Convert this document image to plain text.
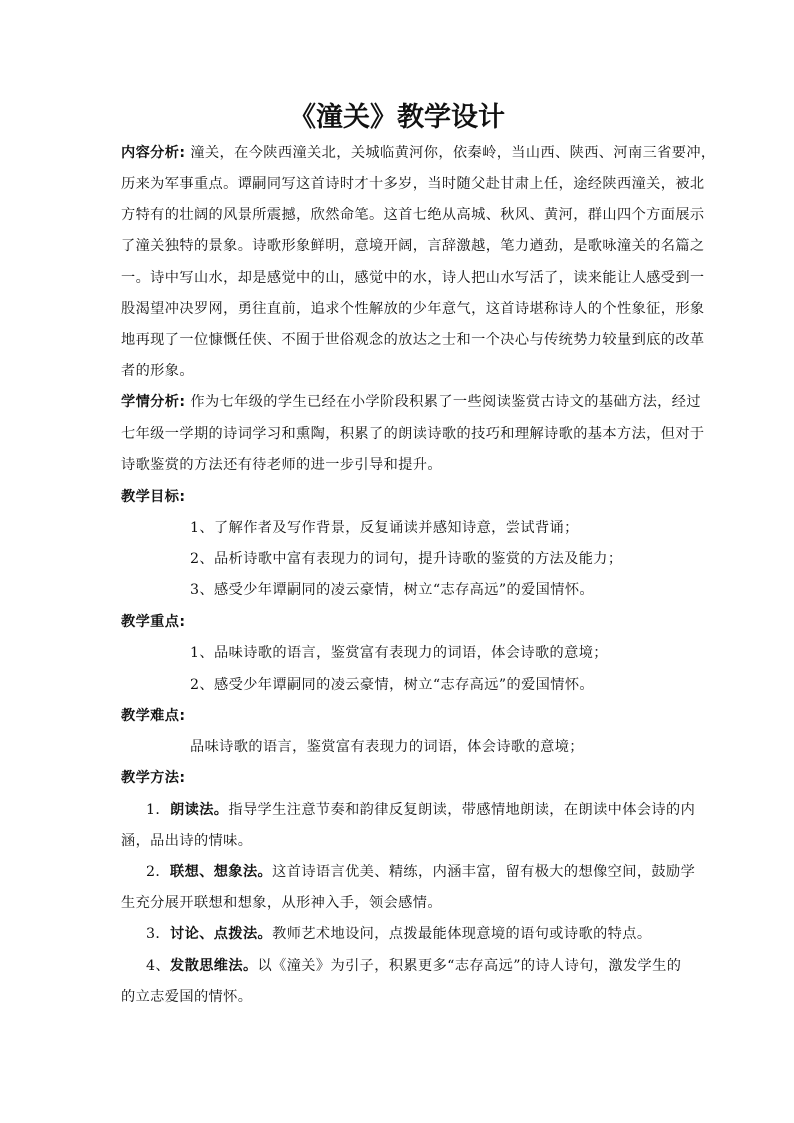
《潼关》教学设计
内容分析: 潼关，在今陕西潼关北，关城临黄河你，依秦岭，当山西、陕西、河南三省要冲，
历来为军事重点。谭嗣同写这首诗时才十多岁，当时随父赴甘肃上任，途经陕西潼关，被北
方特有的壮阔的风景所震撼，欣然命笔。这首七绝从高城、秋风、黄河，群山四个方面展示
了潼关独特的景象。诗歌形象鲜明，意境开阔，言辞激越，笔力遒劲，是歌咏潼关的名篇之
一。诗中写山水，却是感觉中的山，感觉中的水，诗人把山水写活了，读来能让人感受到一
股渴望冲决罗网，勇往直前，追求个性解放的少年意气，这首诗堪称诗人的个性象征，形象
地再现了一位慷慨任侠、不囿于世俗观念的放达之士和一个决心与传统势力较量到底的改革
者的形象。
学情分析: 作为七年级的学生已经在小学阶段积累了一些阅读鉴赏古诗文的基础方法，经过
七年级一学期的诗词学习和熏陶，积累了的朗读诗歌的技巧和理解诗歌的基本方法，但对于
诗歌鉴赏的方法还有待老师的进一步引导和提升。
教学目标:
1、了解作者及写作背景，反复诵读并感知诗意，尝试背诵；
2、品析诗歌中富有表现力的词句，提升诗歌的鉴赏的方法及能力；
3、感受少年谭嗣同的凌云豪情，树立“志存高远”的爱国情怀。
教学重点:
1、品味诗歌的语言，鉴赏富有表现力的词语，体会诗歌的意境；
2、感受少年谭嗣同的凌云豪情，树立“志存高远”的爱国情怀。
教学难点:
品味诗歌的语言，鉴赏富有表现力的词语，体会诗歌的意境；
教学方法:
1．朗读法。指导学生注意节奏和韵律反复朗读，带感情地朗读，在朗读中体会诗的内
涵，品出诗的情味。
2．联想、想象法。这首诗语言优美、精练，内涵丰富，留有极大的想像空间，鼓励学
生充分展开联想和想象，从形神入手，领会感情。
3．讨论、点拨法。教师艺术地设问，点拨最能体现意境的语句或诗歌的特点。
4、发散思维法。以《潼关》为引子，积累更多“志存高远”的诗人诗句，激发学生的
的立志爱国的情怀。
